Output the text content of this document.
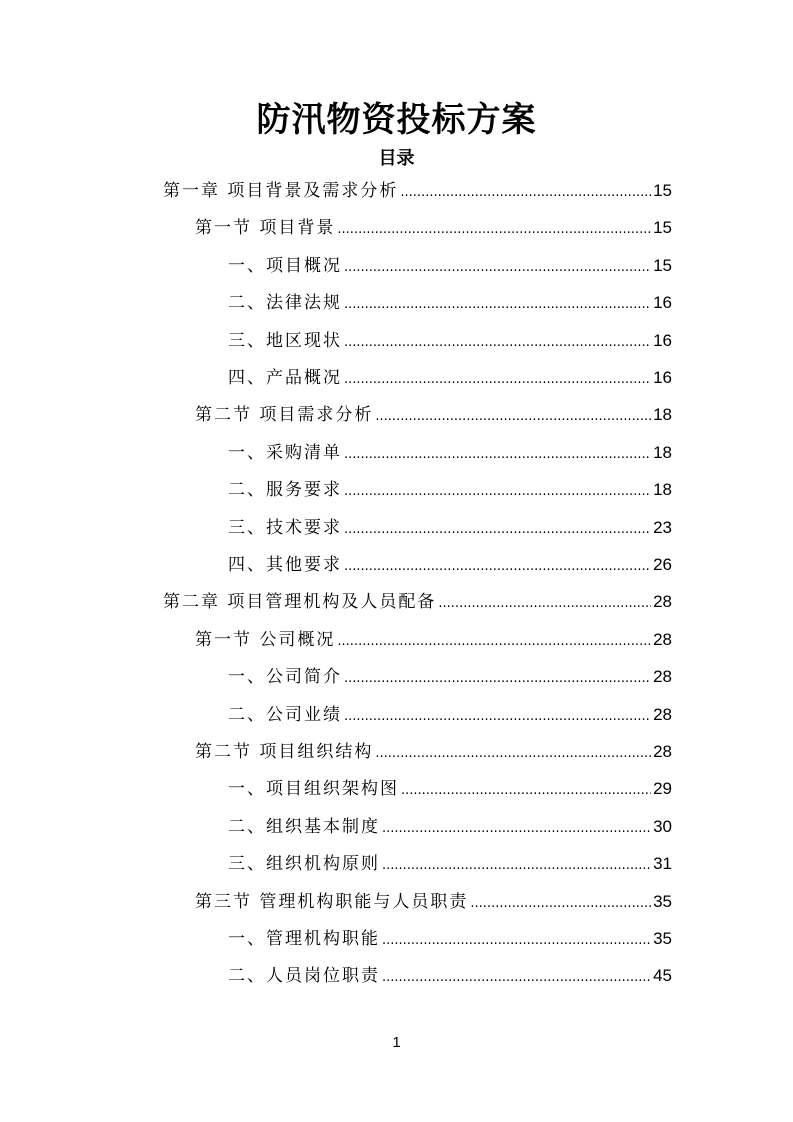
防汛物资投标方案
目录
第一章 项目背景及需求分析 .....	15
第一节 项目背景 .....	15
一、项目概况 .....	15
二、法律法规 .....	16
三、地区现状 .....	16
四、产品概况 .....	16
第二节 项目需求分析 .....	18
一、采购清单 .....	18
二、服务要求 .....	18
三、技术要求 .....	23
四、其他要求 .....	26
第二章 项目管理机构及人员配备 .....	28
第一节 公司概况 .....	28
一、公司简介 .....	28
二、公司业绩 .....	28
第二节 项目组织结构 .....	28
一、项目组织架构图 .....	29
二、组织基本制度 .....	30
三、组织机构原则 .....	31
第三节 管理机构职能与人员职责 .....	35
一、管理机构职能 .....	35
二、人员岗位职责 .....	45
1
